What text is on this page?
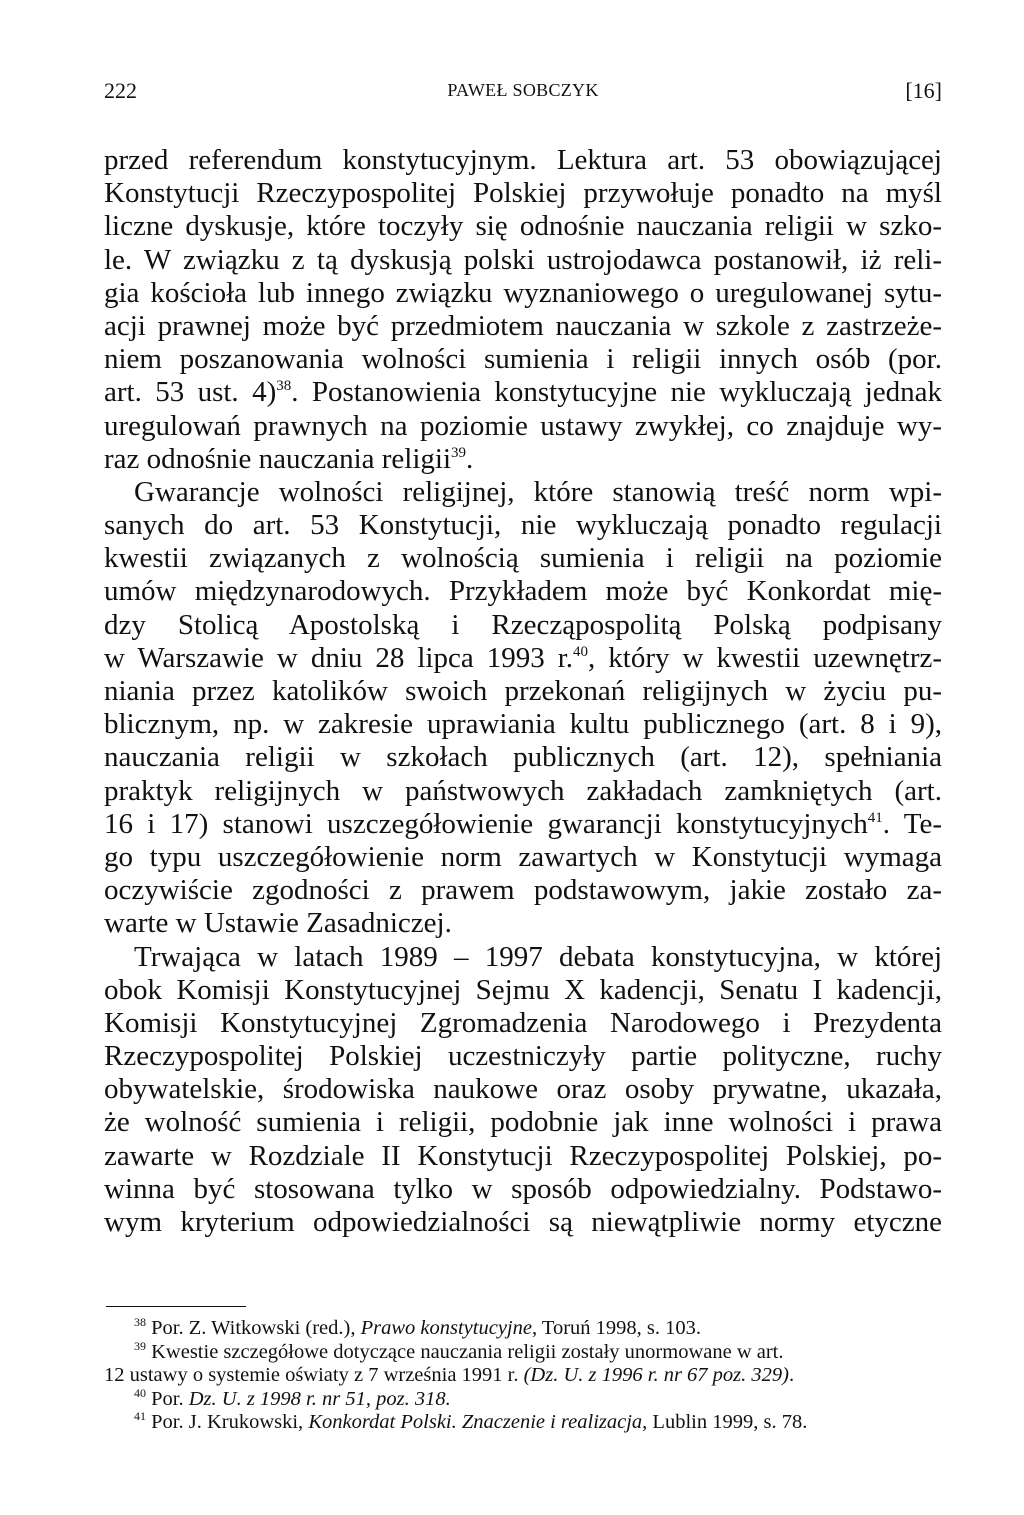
222	PAWEŁ SOBCZYK	[16]
przed referendum konstytucyjnym. Lektura art. 53 obowiązującej
Konstytucji Rzeczypospolitej Polskiej przywołuje ponadto na myśl
liczne dyskusje, które toczyły się odnośnie nauczania religii w szko-
le. W związku z tą dyskusją polski ustrojodawca postanowił, iż reli-
gia kościoła lub innego związku wyznaniowego o uregulowanej sytu-
acji prawnej może być przedmiotem nauczania w szkole z zastrzeże-
niem poszanowania wolności sumienia i religii innych osób (por.
art. 53 ust. 4)$^{38}$. Postanowienia konstytucyjne nie wykluczają jednak
uregulowań prawnych na poziomie ustawy zwykłej, co znajduje wy-
raz odnośnie nauczania religii$^{39}$.
Gwarancje wolności religijnej, które stanowią treść norm wpi-
sanych do art. 53 Konstytucji, nie wykluczają ponadto regulacji
kwestii związanych z wolnością sumienia i religii na poziomie
umów międzynarodowych. Przykładem może być Konkordat mię-
dzy Stolicą Apostolską i Rzecząpospolitą Polską podpisany
w Warszawie w dniu 28 lipca 1993 r.$^{40}$, który w kwestii uzewnętrz-
niania przez katolików swoich przekonań religijnych w życiu pu-
blicznym, np. w zakresie uprawiania kultu publicznego (art. 8 i 9),
nauczania religii w szkołach publicznych (art. 12), spełniania
praktyk religijnych w państwowych zakładach zamkniętych (art.
16 i 17) stanowi uszczegółowienie gwarancji konstytucyjnych$^{41}$. Te-
go typu uszczegółowienie norm zawartych w Konstytucji wymaga
oczywiście zgodności z prawem podstawowym, jakie zostało za-
warte w Ustawie Zasadniczej.
Trwająca w latach 1989 – 1997 debata konstytucyjna, w której
obok Komisji Konstytucyjnej Sejmu X kadencji, Senatu I kadencji,
Komisji Konstytucyjnej Zgromadzenia Narodowego i Prezydenta
Rzeczypospolitej Polskiej uczestniczyły partie polityczne, ruchy
obywatelskie, środowiska naukowe oraz osoby prywatne, ukazała,
że wolność sumienia i religii, podobnie jak inne wolności i prawa
zawarte w Rozdziale II Konstytucji Rzeczypospolitej Polskiej, po-
winna być stosowana tylko w sposób odpowiedzialny. Podstawo-
wym kryterium odpowiedzialności są niewątpliwie normy etyczne
$^{38}$ Por. Z. Witkowski (red.), Prawo konstytucyjne, Toruń 1998, s. 103.
$^{39}$ Kwestie szczegółowe dotyczące nauczania religii zostały unormowane w art.
12 ustawy o systemie oświaty z 7 września 1991 r. (Dz. U. z 1996 r. nr 67 poz. 329).
$^{40}$ Por. Dz. U. z 1998 r. nr 51, poz. 318.
$^{41}$ Por. J. Krukowski, Konkordat Polski. Znaczenie i realizacja, Lublin 1999, s. 78.
